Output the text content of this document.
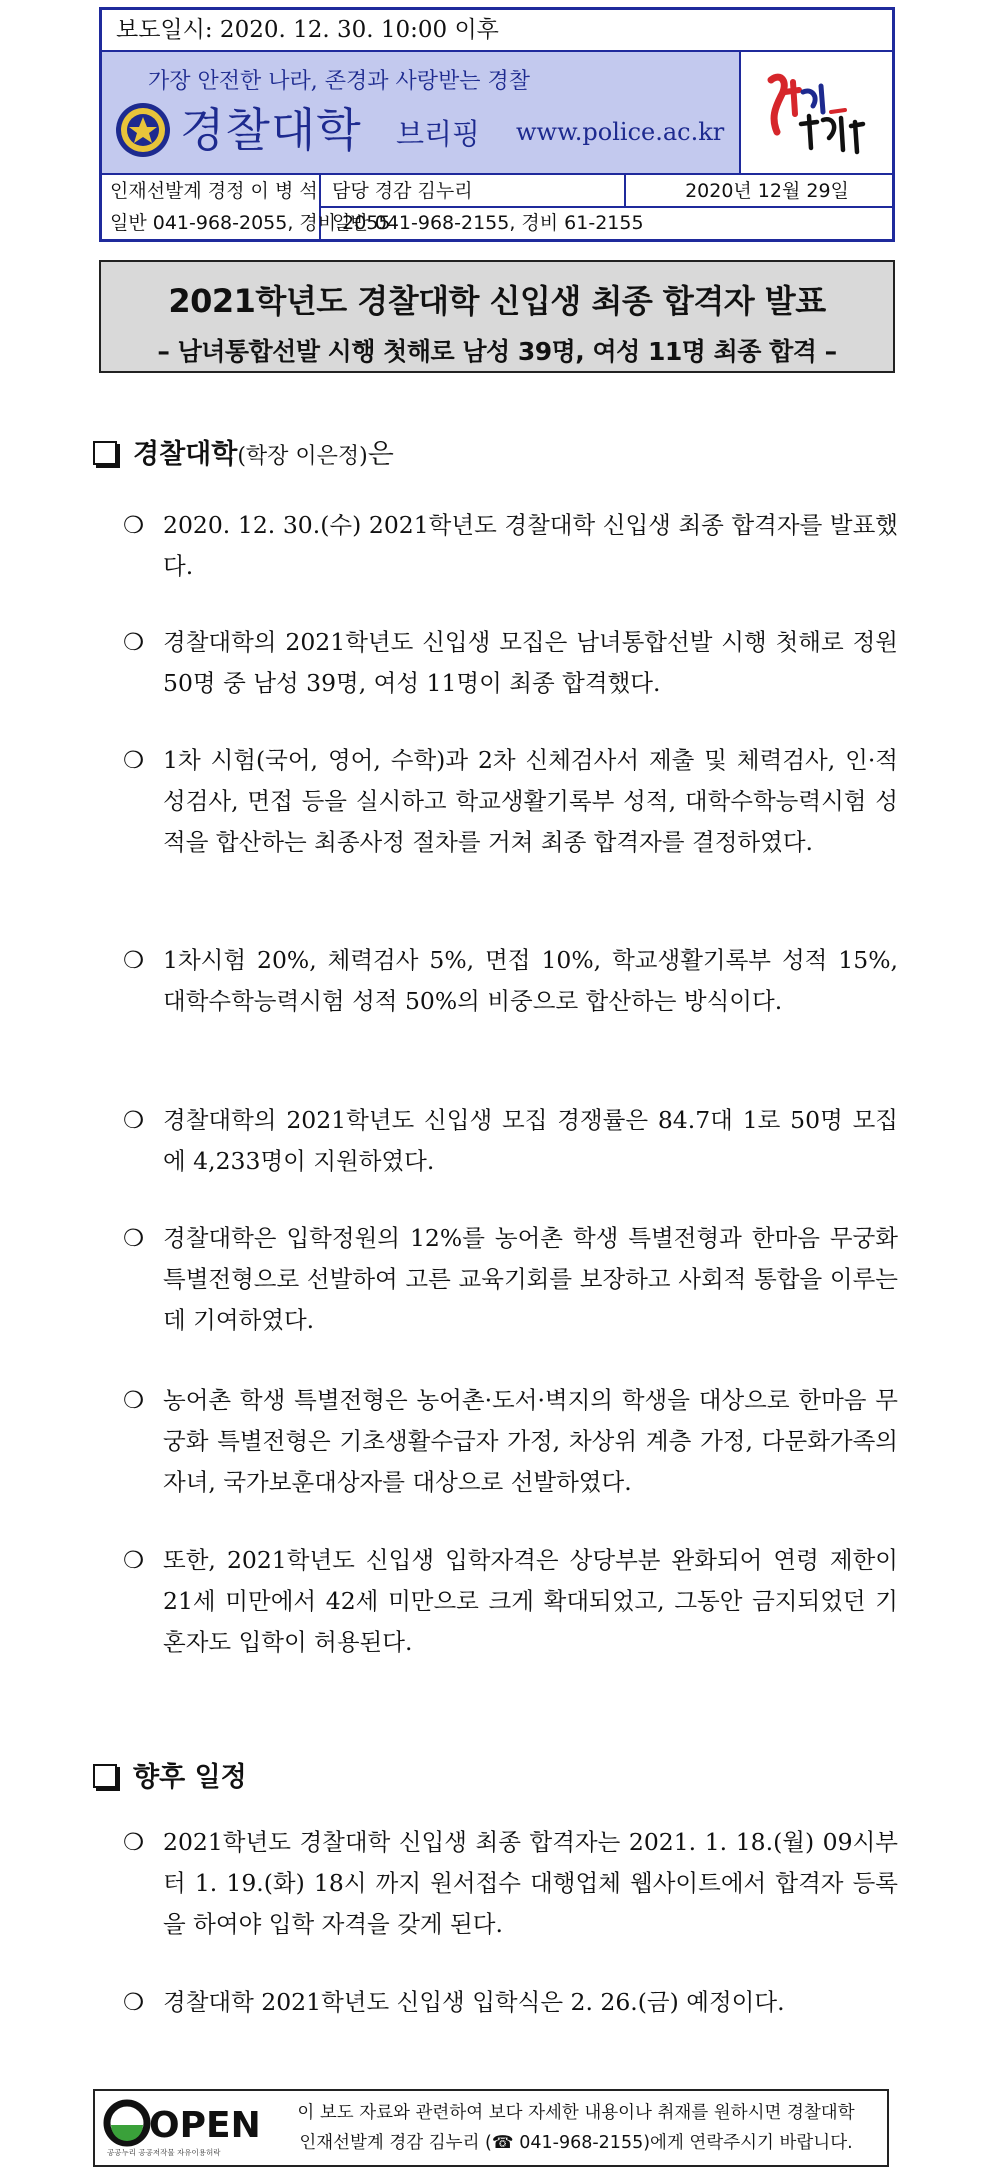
보도일시: 2020. 12. 30. 10:00 이후
가장 안전한 나라, 존경과 사랑받는 경찰
경찰대학 브리핑 www.police.ac.kr
인재선발계 경정 이 병 석
일반 041-968-2055, 경비 2055
담당 경감 김누리
일반 041-968-2155, 경비 61-2155
2020년 12월 29일
2021학년도 경찰대학 신입생 최종 합격자 발표
– 남녀통합선발 시행 첫해로 남성 39명, 여성 11명 최종 합격 –
경찰대학(학장 이은정)은
❍ 2020. 12. 30.(수) 2021학년도 경찰대학 신입생 최종 합격자를 발표했다.
❍ 경찰대학의 2021학년도 신입생 모집은 남녀통합선발 시행 첫해로 정원 50명 중 남성 39명, 여성 11명이 최종 합격했다.
❍ 1차 시험(국어, 영어, 수학)과 2차 신체검사서 제출 및 체력검사, 인·적성검사, 면접 등을 실시하고 학교생활기록부 성적, 대학수학능력시험 성적을 합산하는 최종사정 절차를 거쳐 최종 합격자를 결정하였다.
❍ 1차시험 20%, 체력검사 5%, 면접 10%, 학교생활기록부 성적 15%, 대학수학능력시험 성적 50%의 비중으로 합산하는 방식이다.
❍ 경찰대학의 2021학년도 신입생 모집 경쟁률은 84.7대 1로 50명 모집에 4,233명이 지원하였다.
❍ 경찰대학은 입학정원의 12%를 농어촌 학생 특별전형과 한마음 무궁화 특별전형으로 선발하여 고른 교육기회를 보장하고 사회적 통합을 이루는데 기여하였다.
❍ 농어촌 학생 특별전형은 농어촌·도서·벽지의 학생을 대상으로 한마음 무궁화 특별전형은 기초생활수급자 가정, 차상위 계층 가정, 다문화가족의 자녀, 국가보훈대상자를 대상으로 선발하였다.
❍ 또한, 2021학년도 신입생 입학자격은 상당부분 완화되어 연령 제한이 21세 미만에서 42세 미만으로 크게 확대되었고, 그동안 금지되었던 기혼자도 입학이 허용된다.
향후 일정
❍ 2021학년도 경찰대학 신입생 최종 합격자는 2021. 1. 18.(월) 09시부터 1. 19.(화) 18시 까지 원서접수 대행업체 웹사이트에서 합격자 등록을 하여야 입학 자격을 갖게 된다.
❍ 경찰대학 2021학년도 신입생 입학식은 2. 26.(금) 예정이다.
OPEN
공공누리 공공저작물 자유이용허락
이 보도 자료와 관련하여 보다 자세한 내용이나 취재를 원하시면 경찰대학
인재선발계 경감 김누리 (☎ 041-968-2155)에게 연락주시기 바랍니다.
